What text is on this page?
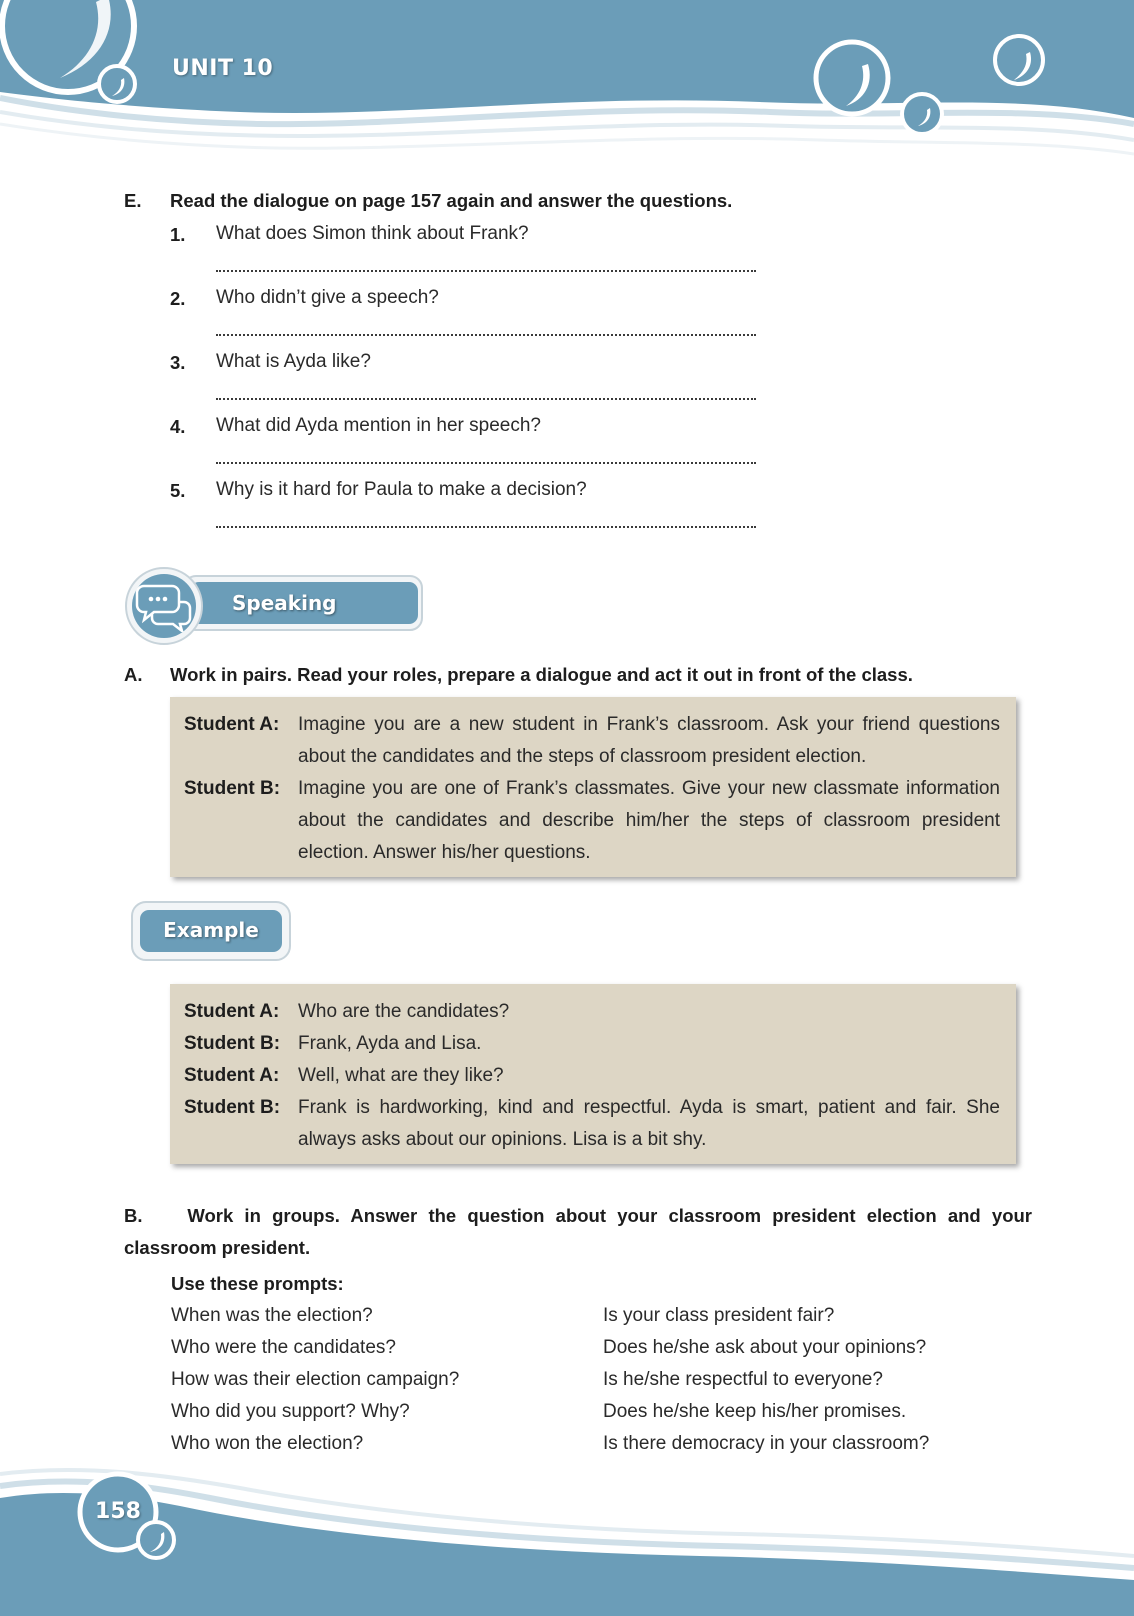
UNIT 10
E. Read the dialogue on page 157 again and answer the questions.
1. What does Simon think about Frank?
2. Who didn’t give a speech?
3. What is Ayda like?
4. What did Ayda mention in her speech?
5. Why is it hard for Paula to make a decision?
Speaking
A. Work in pairs. Read your roles, prepare a dialogue and act it out in front of the class.
Student A: Imagine you are a new student in Frank’s classroom. Ask your friend questions about the candidates and the steps of classroom president election.
Student B: Imagine you are one of Frank’s classmates. Give your new classmate information about the candidates and describe him/her the steps of classroom president election. Answer his/her questions.
Example
Student A: Who are the candidates?
Student B: Frank, Ayda and Lisa.
Student A: Well, what are they like?
Student B: Frank is hardworking, kind and respectful. Ayda is smart, patient and fair. She always asks about our opinions. Lisa is a bit shy.
B. Work in groups. Answer the question about your classroom president election and your classroom president.
Use these prompts:
When was the election?
Who were the candidates?
How was their election campaign?
Who did you support? Why?
Who won the election?
Is your class president fair?
Does he/she ask about your opinions?
Is he/she respectful to everyone?
Does he/she keep his/her promises.
Is there democracy in your classroom?
158
